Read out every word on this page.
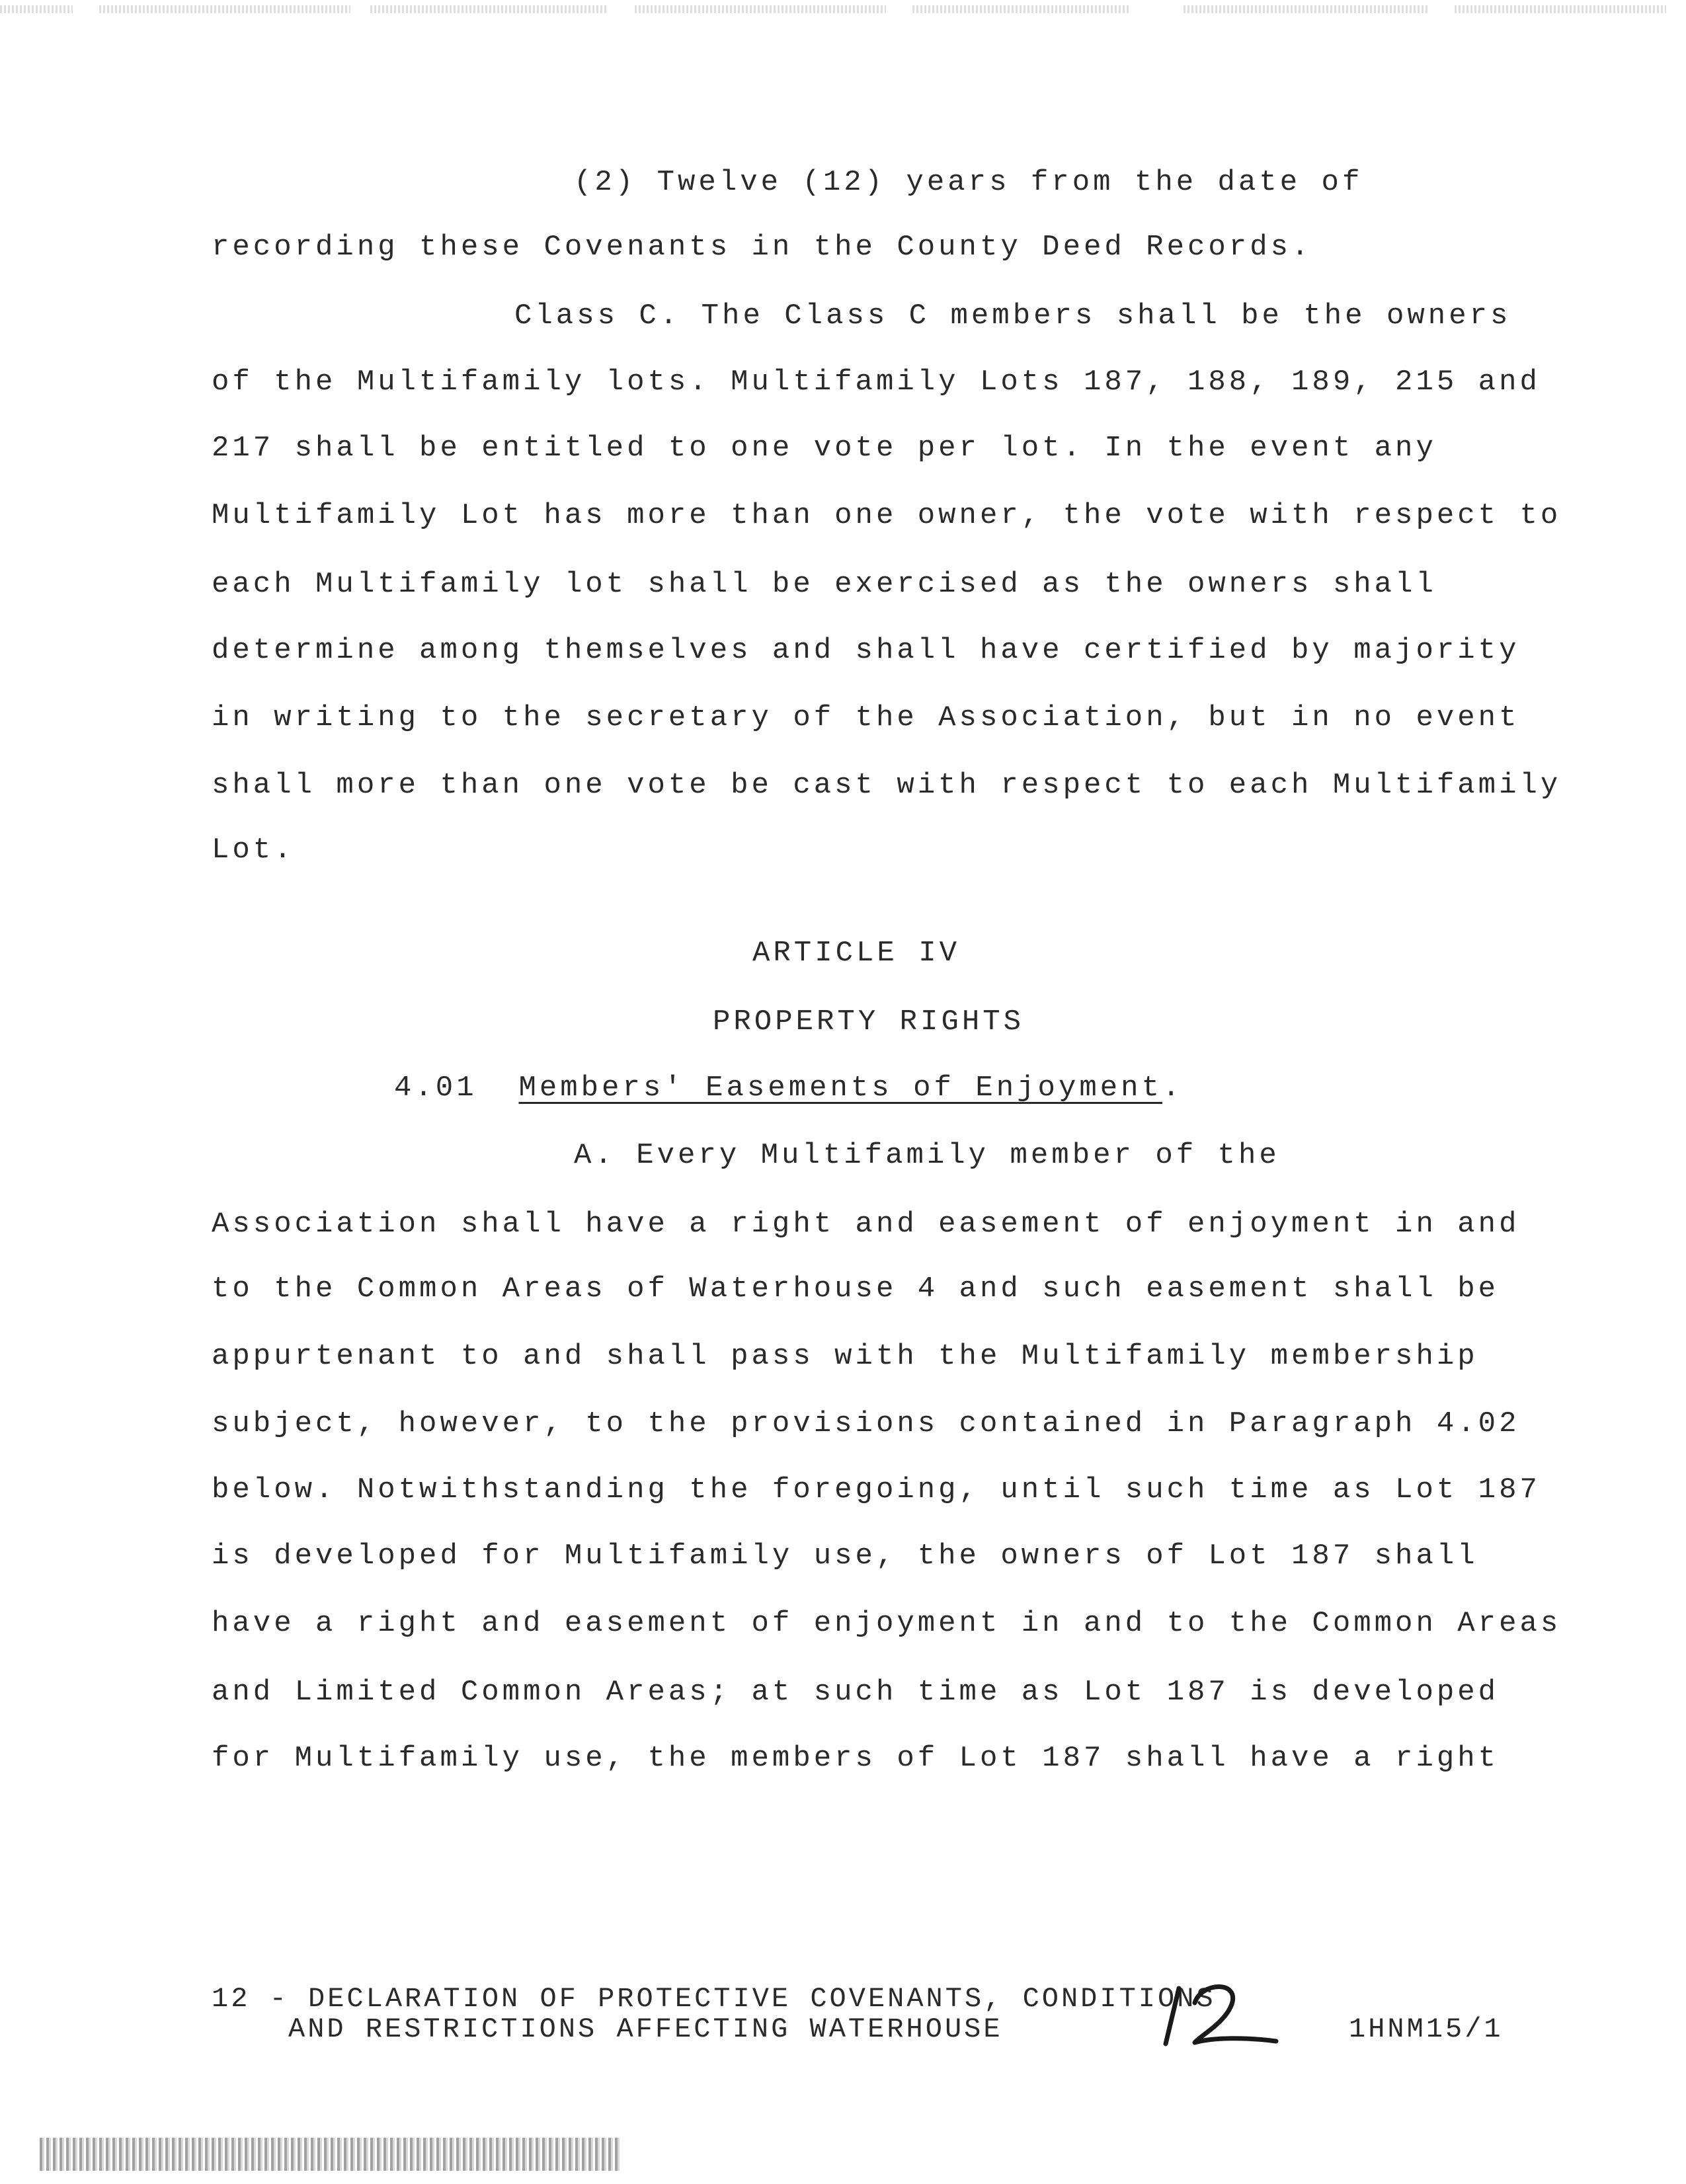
(2) Twelve (12) years from the date of
recording these Covenants in the County Deed Records.
Class C. The Class C members shall be the owners
of the Multifamily lots. Multifamily Lots 187, 188, 189, 215 and
217 shall be entitled to one vote per lot. In the event any
Multifamily Lot has more than one owner, the vote with respect to
each Multifamily lot shall be exercised as the owners shall
determine among themselves and shall have certified by majority
in writing to the secretary of the Association, but in no event
shall more than one vote be cast with respect to each Multifamily
Lot.
ARTICLE IV
PROPERTY RIGHTS
4.01 Members' Easements of Enjoyment.
A. Every Multifamily member of the
Association shall have a right and easement of enjoyment in and
to the Common Areas of Waterhouse 4 and such easement shall be
appurtenant to and shall pass with the Multifamily membership
subject, however, to the provisions contained in Paragraph 4.02
below. Notwithstanding the foregoing, until such time as Lot 187
is developed for Multifamily use, the owners of Lot 187 shall
have a right and easement of enjoyment in and to the Common Areas
and Limited Common Areas; at such time as Lot 187 is developed
for Multifamily use, the members of Lot 187 shall have a right
12 - DECLARATION OF PROTECTIVE COVENANTS, CONDITIONS
AND RESTRICTIONS AFFECTING WATERHOUSE	1HNM15/1
